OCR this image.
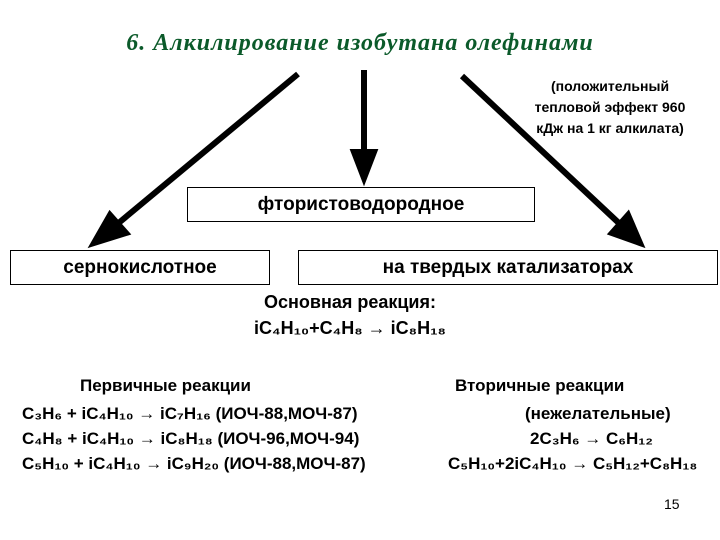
6. Алкилирование изобутана олефинами
(положительный
тепловой эффект 960
кДж на 1 кг алкилата)
фтористоводородное
сернокислотное	на твердых катализаторах
Основная реакция:
iC₄H₁₀+C₄H₈ → iC₈H₁₈
Первичные реакции	Вторичные реакции
C₃H₆ + iC₄H₁₀ → iC₇H₁₆ (ИОЧ-88,МОЧ-87)
C₄H₈ + iC₄H₁₀ → iC₈H₁₈ (ИОЧ-96,МОЧ-94)
C₅H₁₀ + iC₄H₁₀ → iC₉H₂₀ (ИОЧ-88,МОЧ-87)
(нежелательные)
2C₃H₆ → C₆H₁₂
C₅H₁₀+2iC₄H₁₀ → C₅H₁₂+C₈H₁₈
15
